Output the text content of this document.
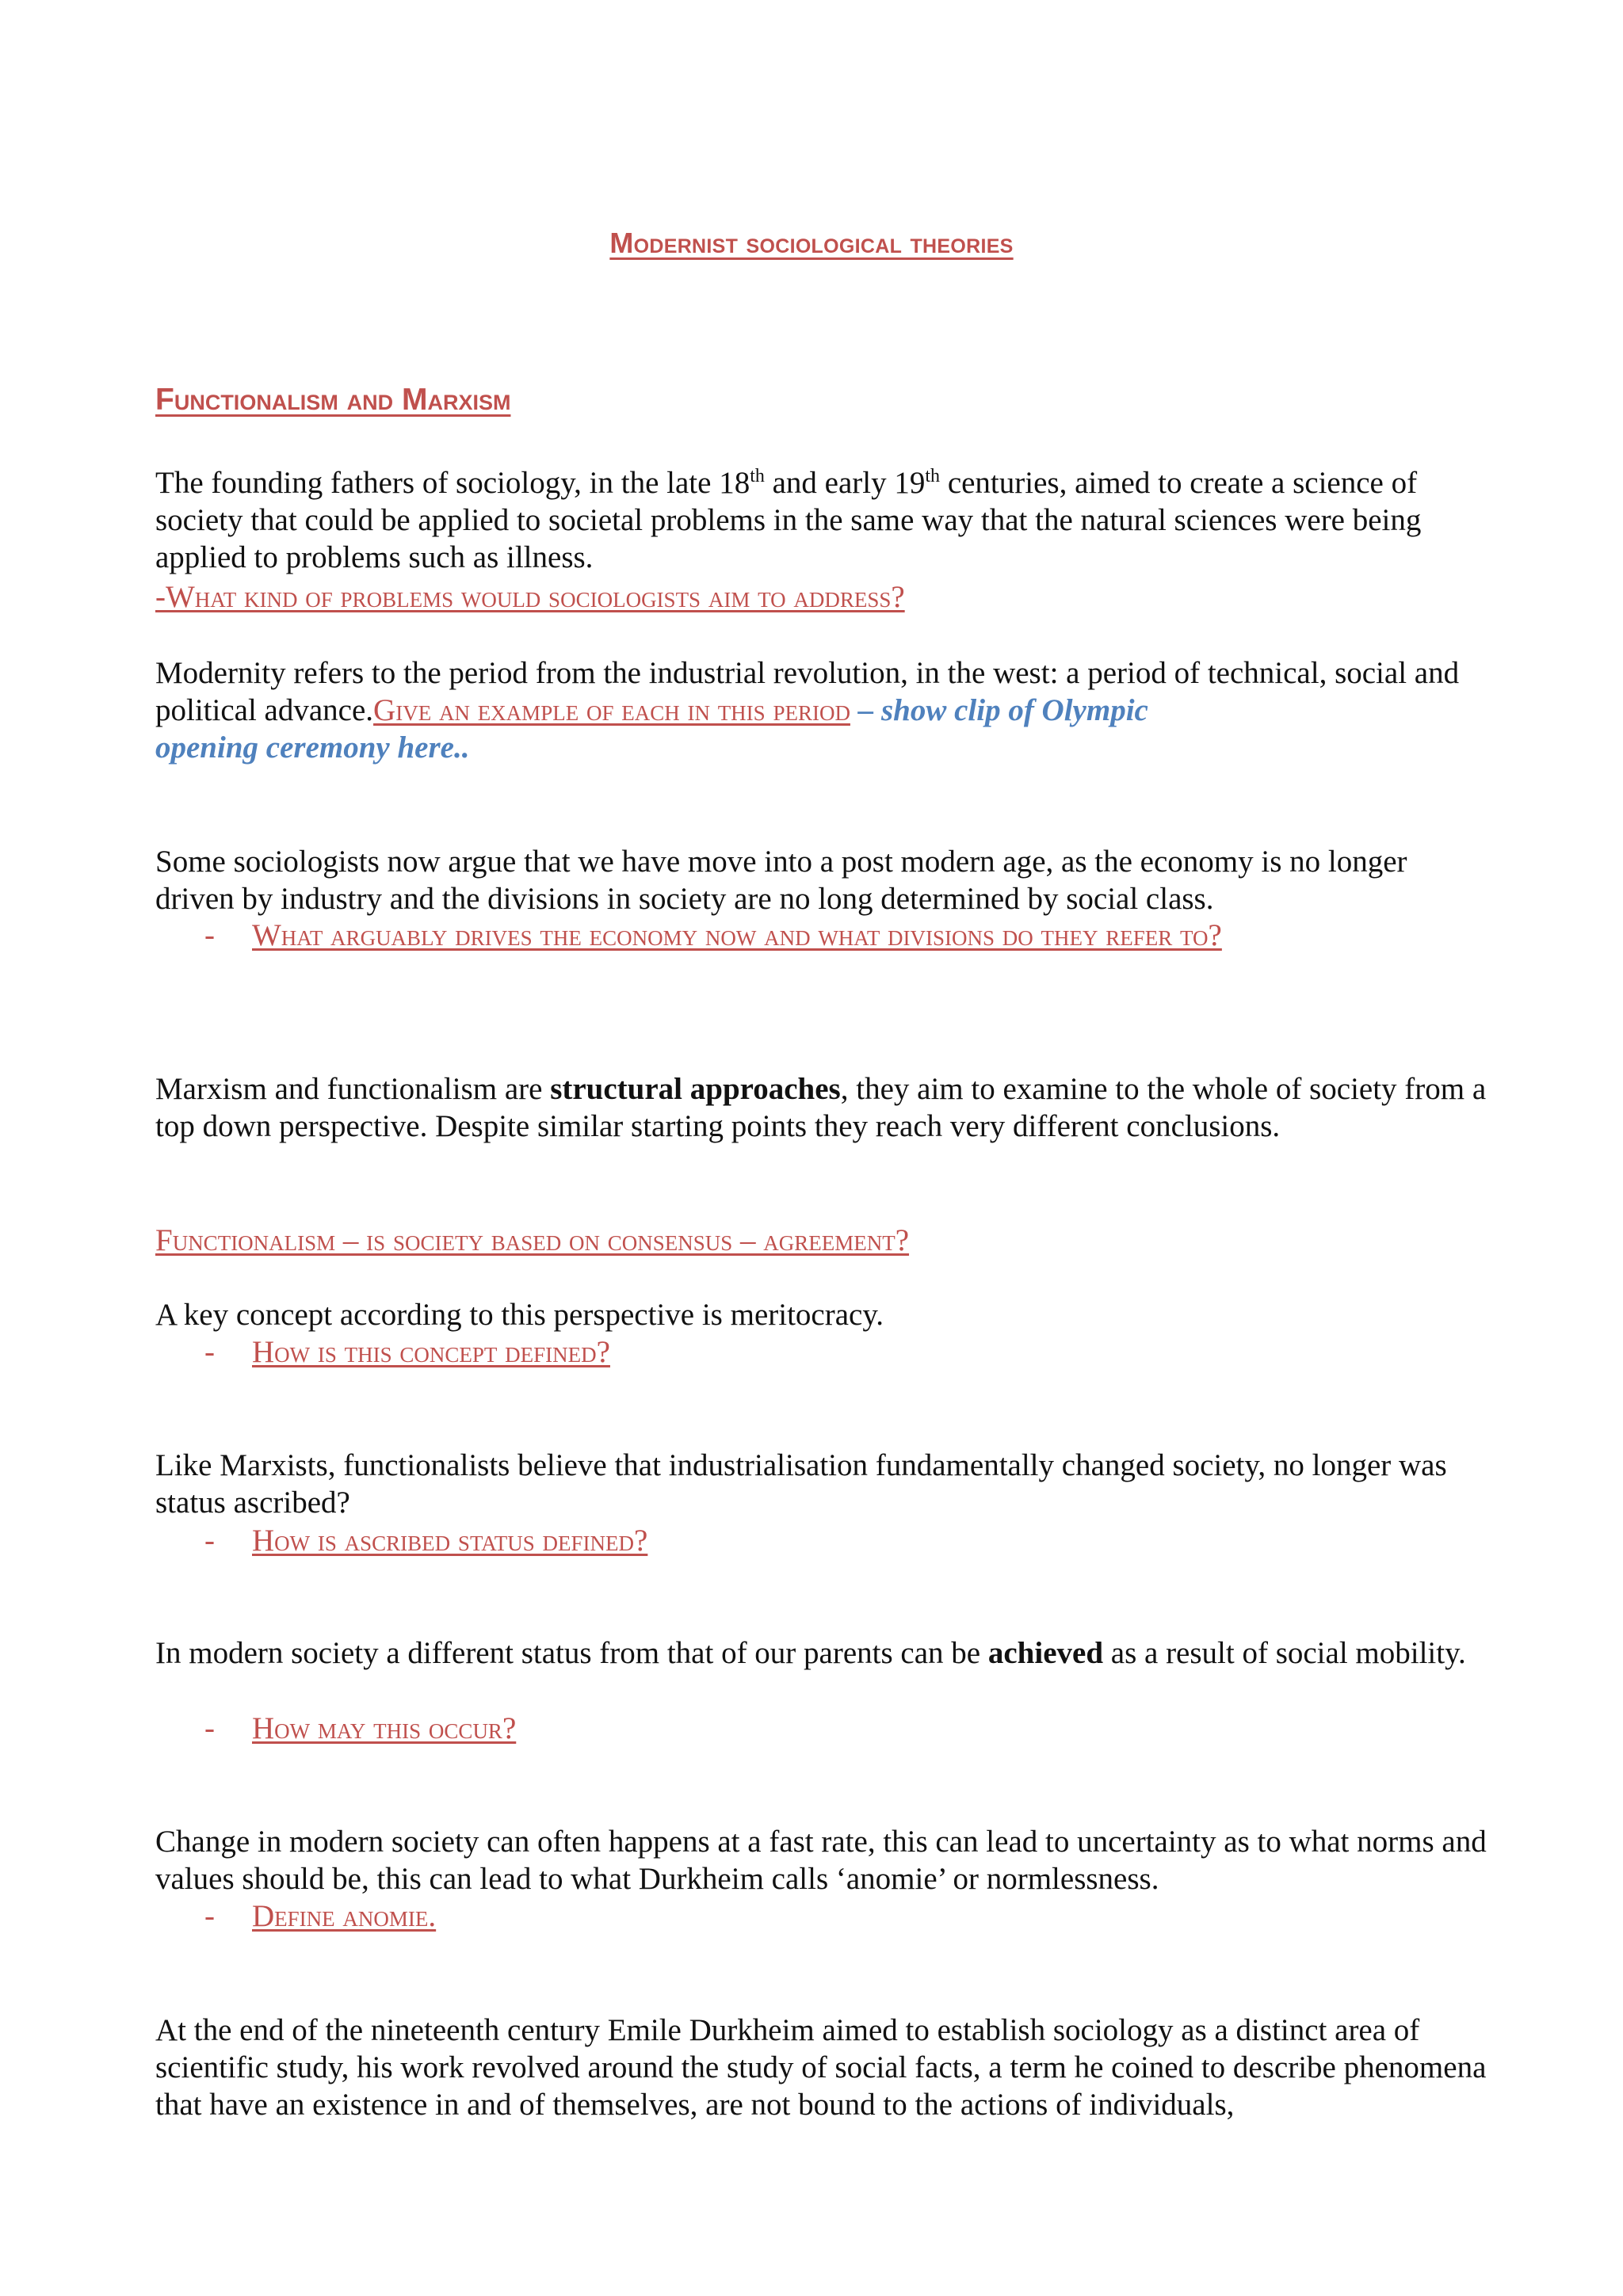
Modernist sociological theories
Functionalism and Marxism

The founding fathers of sociology, in the late 18th and early 19th centuries, aimed to create a science of society that could be applied to societal problems in the same way that the natural sciences were being applied to problems such as illness.

-What kind of problems would sociologists aim to address?

Modernity refers to the period from the industrial revolution, in the west: a period of technical, social and political advance.Give an example of each in this period – show clip of Olympic
opening ceremony here..

Some sociologists now argue that we have move into a post modern age, as the economy is no longer driven by industry and the divisions in society are no long determined by social class.

- What arguably drives the economy now and what divisions do they refer to?

Marxism and functionalism are structural approaches, they aim to examine to the whole of society from a top down perspective. Despite similar starting points they reach very different conclusions.

Functionalism – is society based on consensus – agreement?

A key concept according to this perspective is meritocracy.

- How is this concept defined?

Like Marxists, functionalists believe that industrialisation fundamentally changed society, no longer was status ascribed?

- How is ascribed status defined?

In modern society a different status from that of our parents can be achieved as a result of social mobility.

- How may this occur?

Change in modern society can often happens at a fast rate, this can lead to uncertainty as to what norms and values should be, this can lead to what Durkheim calls ‘anomie’ or normlessness.

- Define anomie.

At the end of the nineteenth century Emile Durkheim aimed to establish sociology as a distinct area of scientific study, his work revolved around the study of social facts, a term he coined to describe phenomena that have an existence in and of themselves, are not bound to the actions of individuals,
